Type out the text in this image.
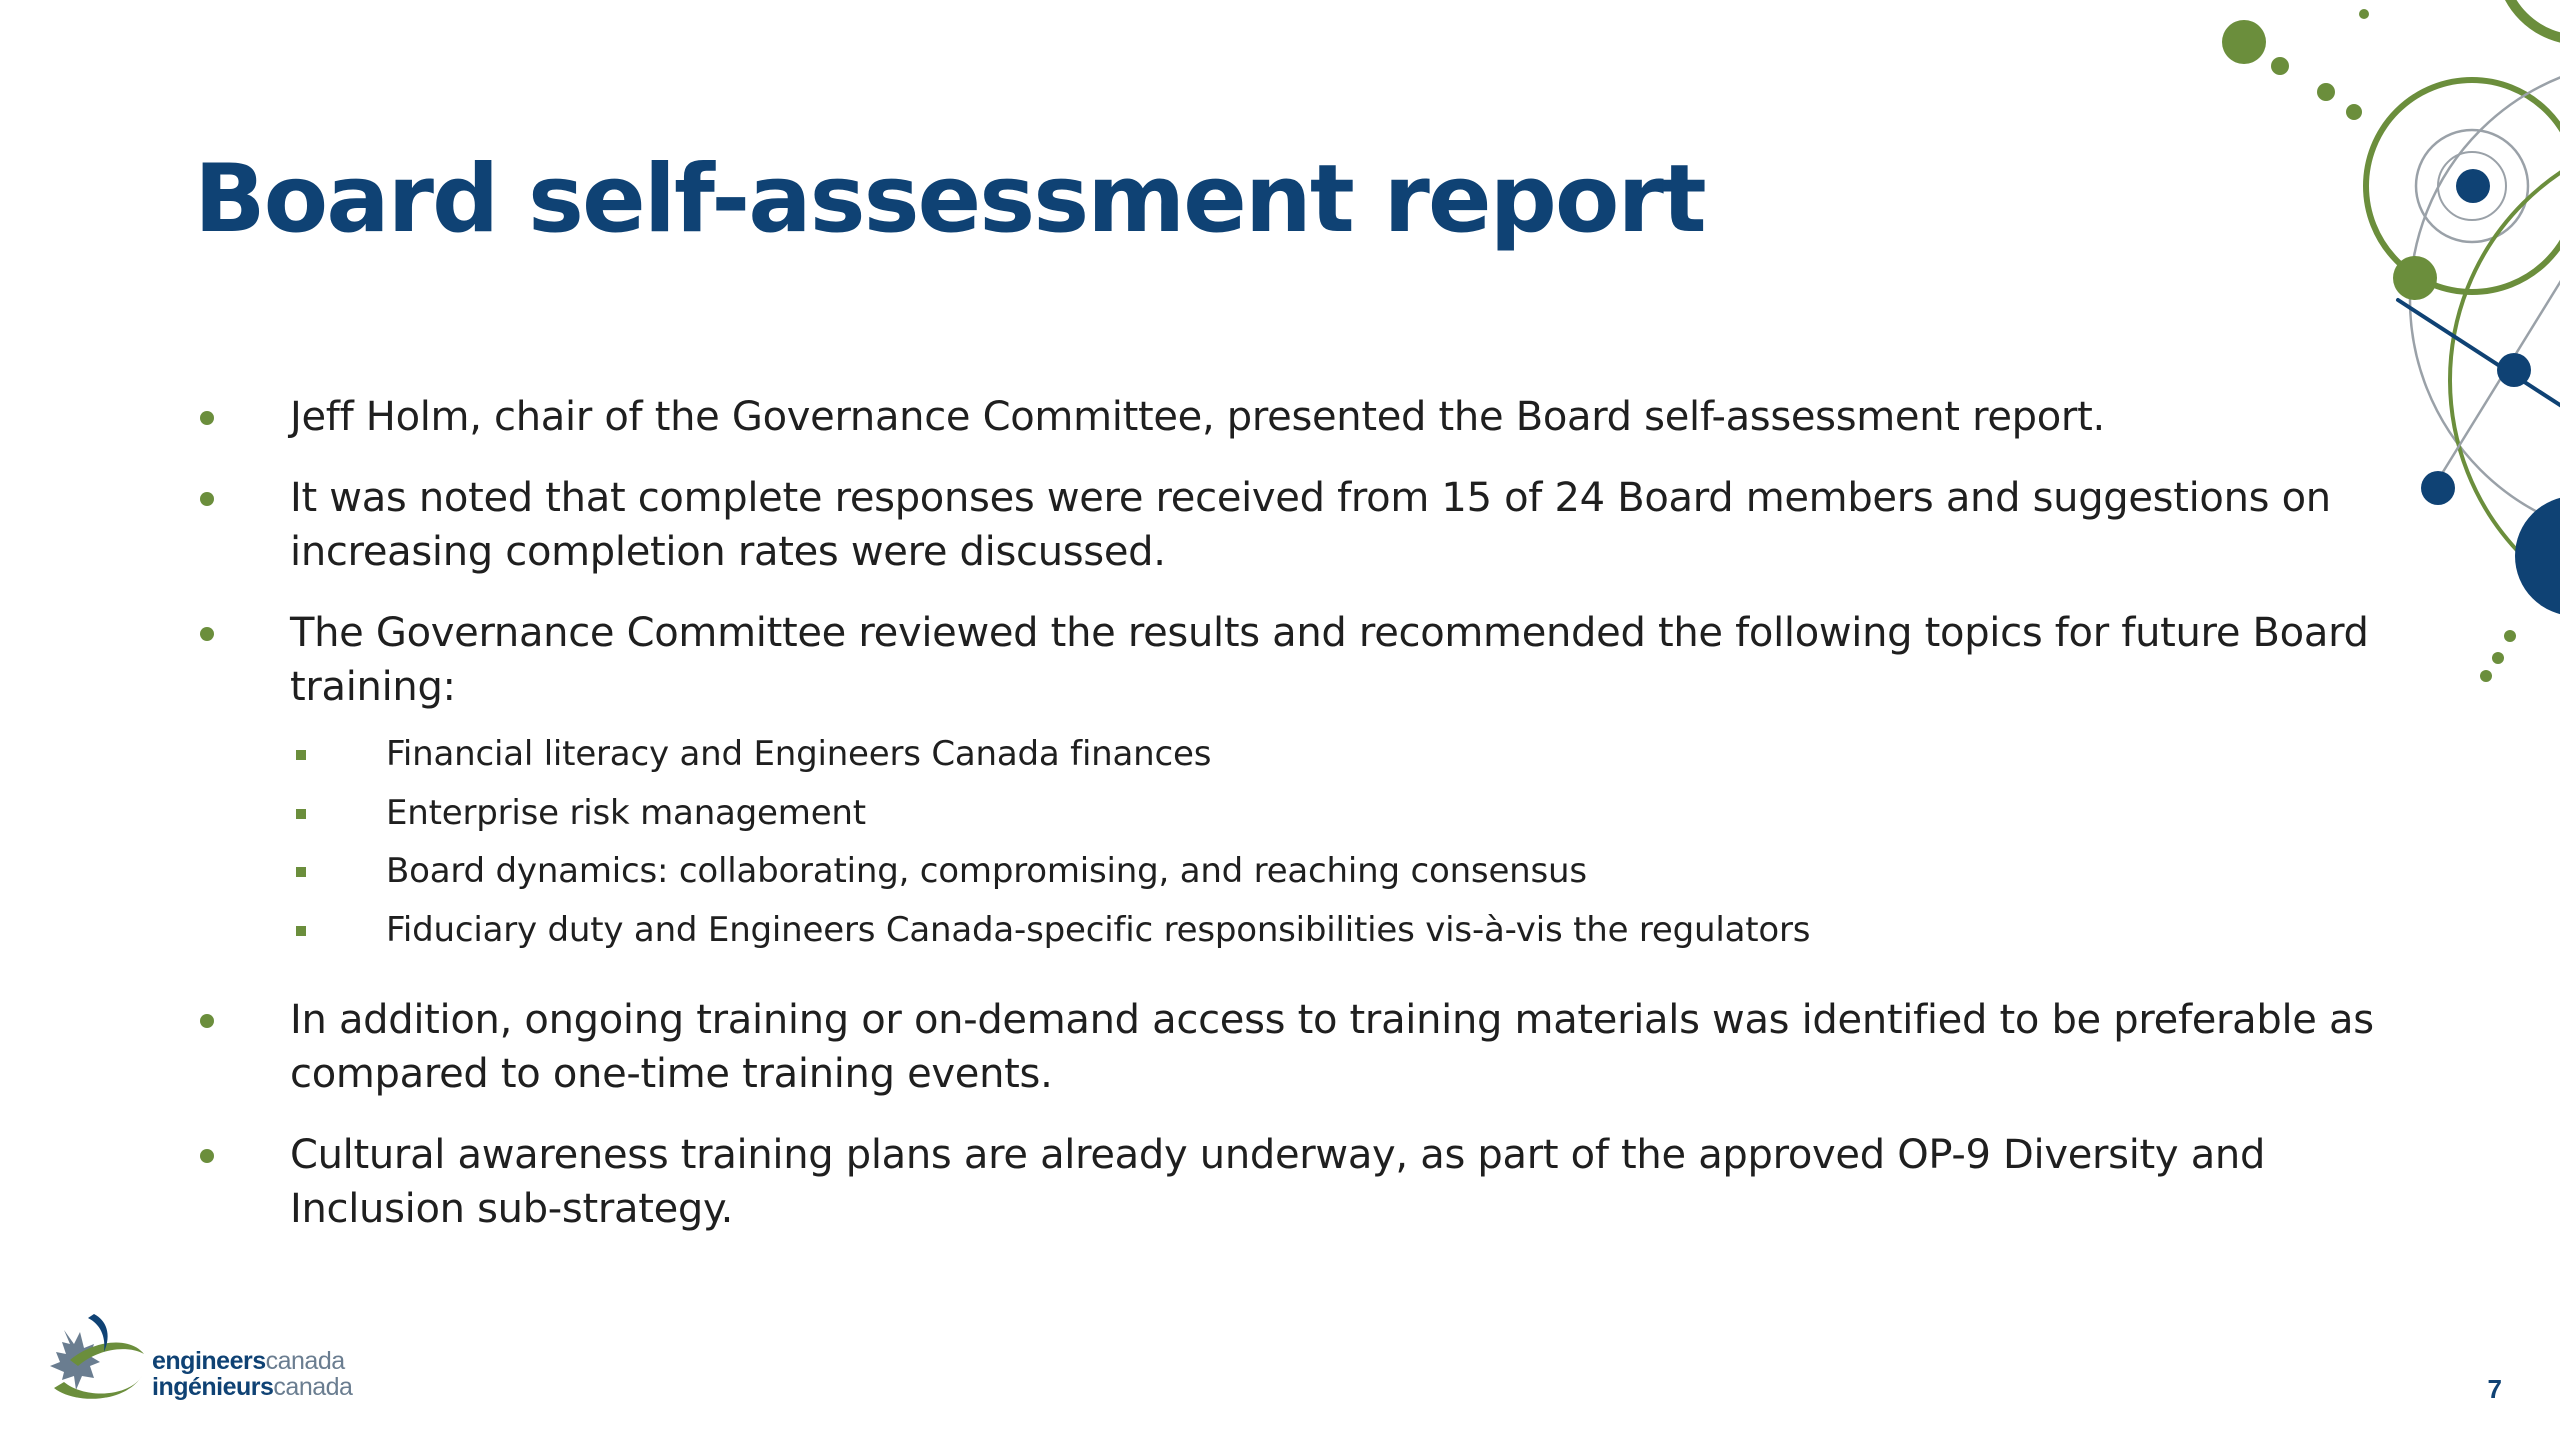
Board self-assessment report
Jeff Holm, chair of the Governance Committee, presented the Board self-assessment report.
It was noted that complete responses were received from 15 of 24 Board members and suggestions on increasing completion rates were discussed.
The Governance Committee reviewed the results and recommended the following topics for future Board training:
Financial literacy and Engineers Canada finances
Enterprise risk management
Board dynamics: collaborating, compromising, and reaching consensus
Fiduciary duty and Engineers Canada-specific responsibilities vis-à-vis the regulators
In addition, ongoing training or on-demand access to training materials was identified to be preferable as compared to one-time training events.
Cultural awareness training plans are already underway, as part of the approved OP-9 Diversity and Inclusion sub-strategy.
engineerscanada
ingénieurscanada	7
